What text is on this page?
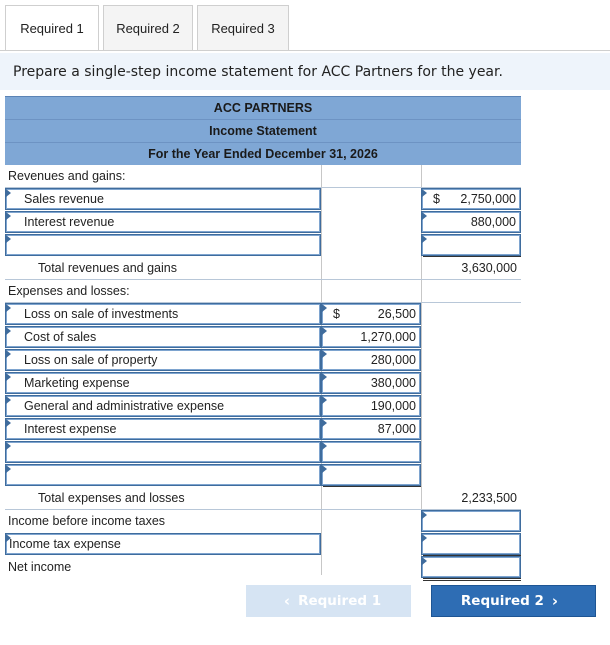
Required 1	Required 2	Required 3
Prepare a single-step income statement for ACC Partners for the year.
ACC PARTNERS
Income Statement
For the Year Ended December 31, 2026
Revenues and gains:
Sales revenue	$ 2,750,000
Interest revenue	880,000
Total revenues and gains	3,630,000
Expenses and losses:
Loss on sale of investments	$	26,500
Cost of sales	1,270,000
Loss on sale of property	280,000
Marketing expense	380,000
General and administrative expense	190,000
Interest expense	87,000
Total expenses and losses	2,233,500
Income before income taxes
Income tax expense
Net income
‹ Required 1	Required 2 ›
